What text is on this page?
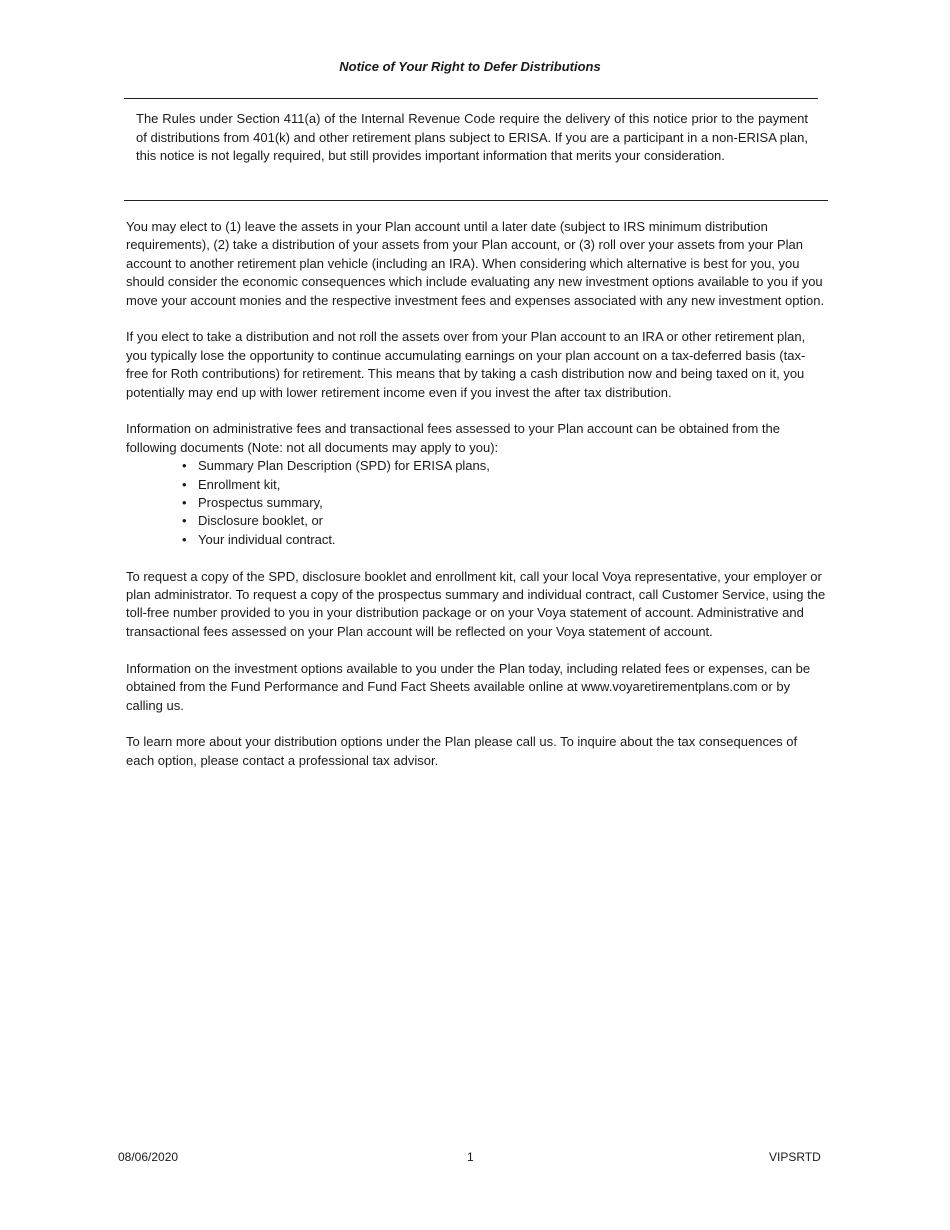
Notice of Your Right to Defer Distributions
The Rules under Section 411(a) of the Internal Revenue Code require the delivery of this notice prior to the payment of distributions from 401(k) and other retirement plans subject to ERISA. If you are a participant in a non-ERISA plan, this notice is not legally required, but still provides important information that merits your consideration.

You may elect to (1) leave the assets in your Plan account until a later date (subject to IRS minimum distribution requirements), (2) take a distribution of your assets from your Plan account, or (3) roll over your assets from your Plan account to another retirement plan vehicle (including an IRA). When considering which alternative is best for you, you should consider the economic consequences which include evaluating any new investment options available to you if you move your account monies and the respective investment fees and expenses associated with any new investment option.

If you elect to take a distribution and not roll the assets over from your Plan account to an IRA or other retirement plan, you typically lose the opportunity to continue accumulating earnings on your plan account on a tax-deferred basis (tax-free for Roth contributions) for retirement. This means that by taking a cash distribution now and being taxed on it, you potentially may end up with lower retirement income even if you invest the after tax distribution.

Information on administrative fees and transactional fees assessed to your Plan account can be obtained from the following documents (Note: not all documents may apply to you):

• Summary Plan Description (SPD) for ERISA plans,
• Enrollment kit,
• Prospectus summary,
• Disclosure booklet, or
• Your individual contract.

To request a copy of the SPD, disclosure booklet and enrollment kit, call your local Voya representative, your employer or plan administrator. To request a copy of the prospectus summary and individual contract, call Customer Service, using the toll-free number provided to you in your distribution package or on your Voya statement of account. Administrative and transactional fees assessed on your Plan account will be reflected on your Voya statement of account.

Information on the investment options available to you under the Plan today, including related fees or expenses, can be obtained from the Fund Performance and Fund Fact Sheets available online at www.voyaretirementplans.com or by calling us.

To learn more about your distribution options under the Plan please call us. To inquire about the tax consequences of each option, please contact a professional tax advisor.

08/06/2020	1	VIPSRTD
